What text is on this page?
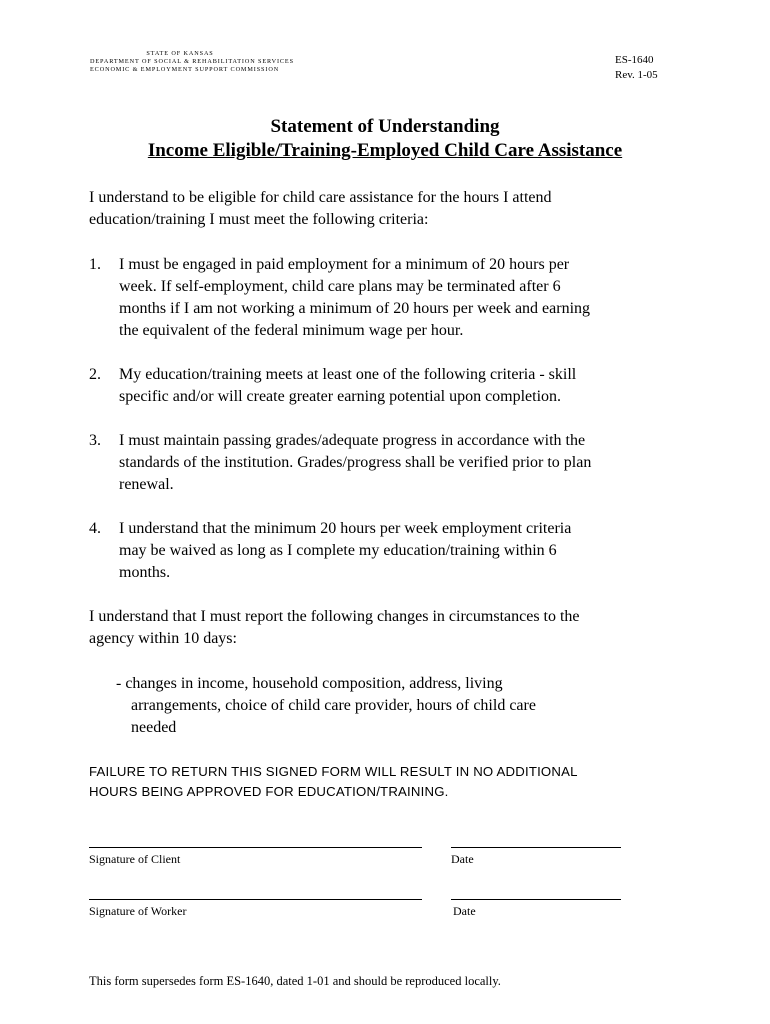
STATE OF KANSAS
DEPARTMENT OF SOCIAL & REHABILITATION SERVICES
ECONOMIC & EMPLOYMENT SUPPORT COMMISSION
ES-1640
Rev. 1-05
Statement of Understanding
Income Eligible/Training-Employed Child Care Assistance
I understand to be eligible for child care assistance for the hours I attend
education/training I must meet the following criteria:
1. I must be engaged in paid employment for a minimum of 20 hours per
week. If self-employment, child care plans may be terminated after 6
months if I am not working a minimum of 20 hours per week and earning
the equivalent of the federal minimum wage per hour.
2. My education/training meets at least one of the following criteria - skill
specific and/or will create greater earning potential upon completion.
3. I must maintain passing grades/adequate progress in accordance with the
standards of the institution. Grades/progress shall be verified prior to plan
renewal.
4. I understand that the minimum 20 hours per week employment criteria
may be waived as long as I complete my education/training within 6
months.
I understand that I must report the following changes in circumstances to the
agency within 10 days:
- changes in income, household composition, address, living
arrangements, choice of child care provider, hours of child care
needed
FAILURE TO RETURN THIS SIGNED FORM WILL RESULT IN NO ADDITIONAL
HOURS BEING APPROVED FOR EDUCATION/TRAINING.
Signature of Client	Date
Signature of Worker	Date
This form supersedes form ES-1640, dated 1-01 and should be reproduced locally.
